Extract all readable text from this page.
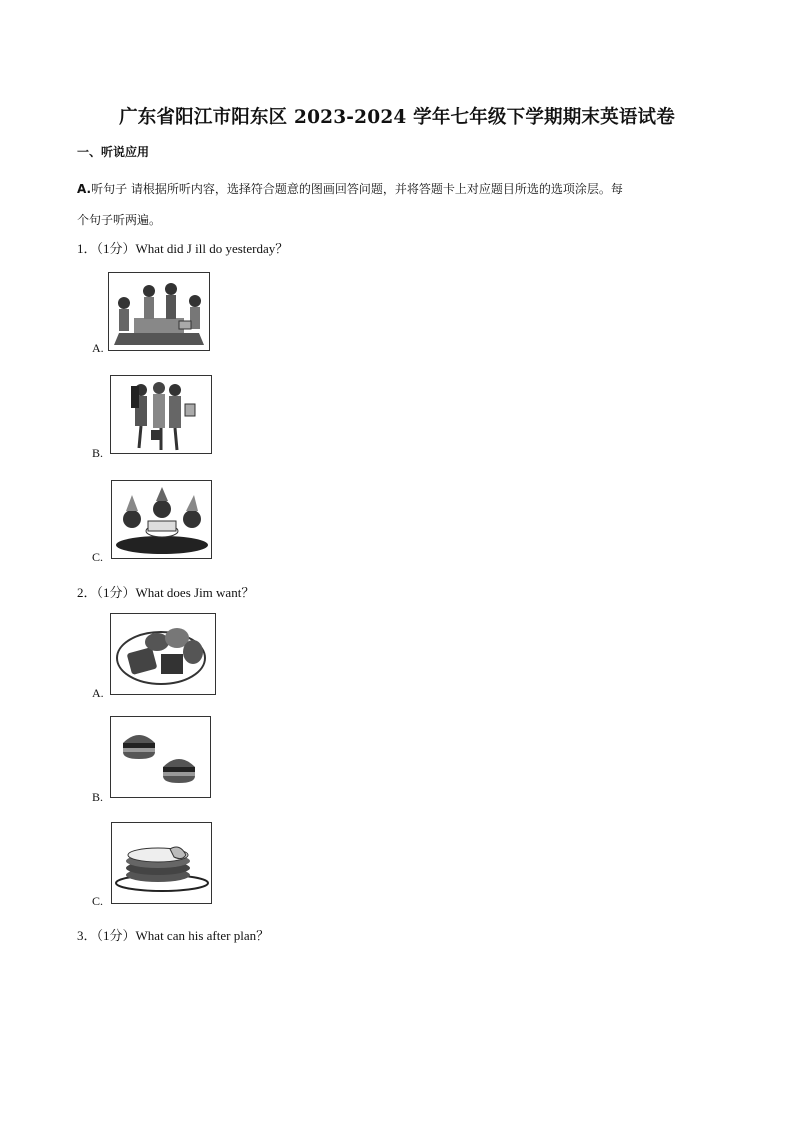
广东省阳江市阳东区 2023-2024 学年七年级下学期期末英语试卷
一、听说应用
A.听句子 请根据所听内容，选择符合题意的图画回答问题，并将答题卡上对应题目所选的选项涂层。每
个句子听两遍。
1．（1分）What did J ill do yesterday？
A.
B.
C.
2．（1分）What does Jim want？
A.
B.
C.
3．（1分）What can his after plan？
